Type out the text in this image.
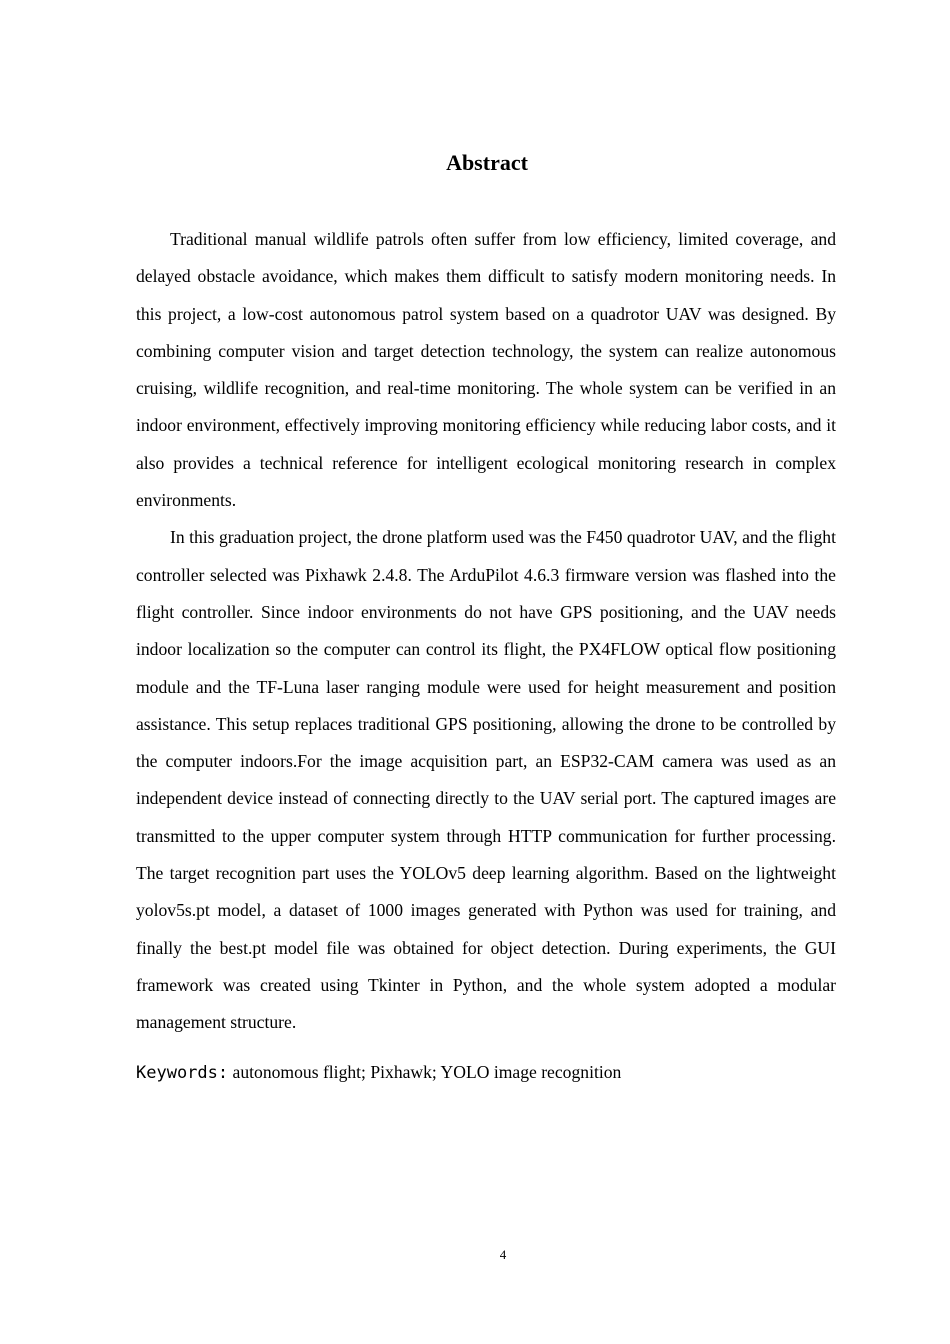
Abstract

Traditional manual wildlife patrols often suffer from low efficiency, limited coverage, and delayed obstacle avoidance, which makes them difficult to satisfy modern monitoring needs. In this project, a low-cost autonomous patrol system based on a quadrotor UAV was designed. By combining computer vision and target detection technology, the system can realize autonomous cruising, wildlife recognition, and real-time monitoring. The whole system can be verified in an indoor environment, effectively improving monitoring efficiency while reducing labor costs, and it also provides a technical reference for intelligent ecological monitoring research in complex environments.

In this graduation project, the drone platform used was the F450 quadrotor UAV, and the flight controller selected was Pixhawk 2.4.8. The ArduPilot 4.6.3 firmware version was flashed into the flight controller. Since indoor environments do not have GPS positioning, and the UAV needs indoor localization so the computer can control its flight, the PX4FLOW optical flow positioning module and the TF-Luna laser ranging module were used for height measurement and position assistance. This setup replaces traditional GPS positioning, allowing the drone to be controlled by the computer indoors.For the image acquisition part, an ESP32-CAM camera was used as an independent device instead of connecting directly to the UAV serial port. The captured images are transmitted to the upper computer system through HTTP communication for further processing. The target recognition part uses the YOLOv5 deep learning algorithm. Based on the lightweight yolov5s.pt model, a dataset of 1000 images generated with Python was used for training, and finally the best.pt model file was obtained for object detection. During experiments, the GUI framework was created using Tkinter in Python, and the whole system adopted a modular management structure.

Keywords: autonomous flight; Pixhawk; YOLO image recognition
4
